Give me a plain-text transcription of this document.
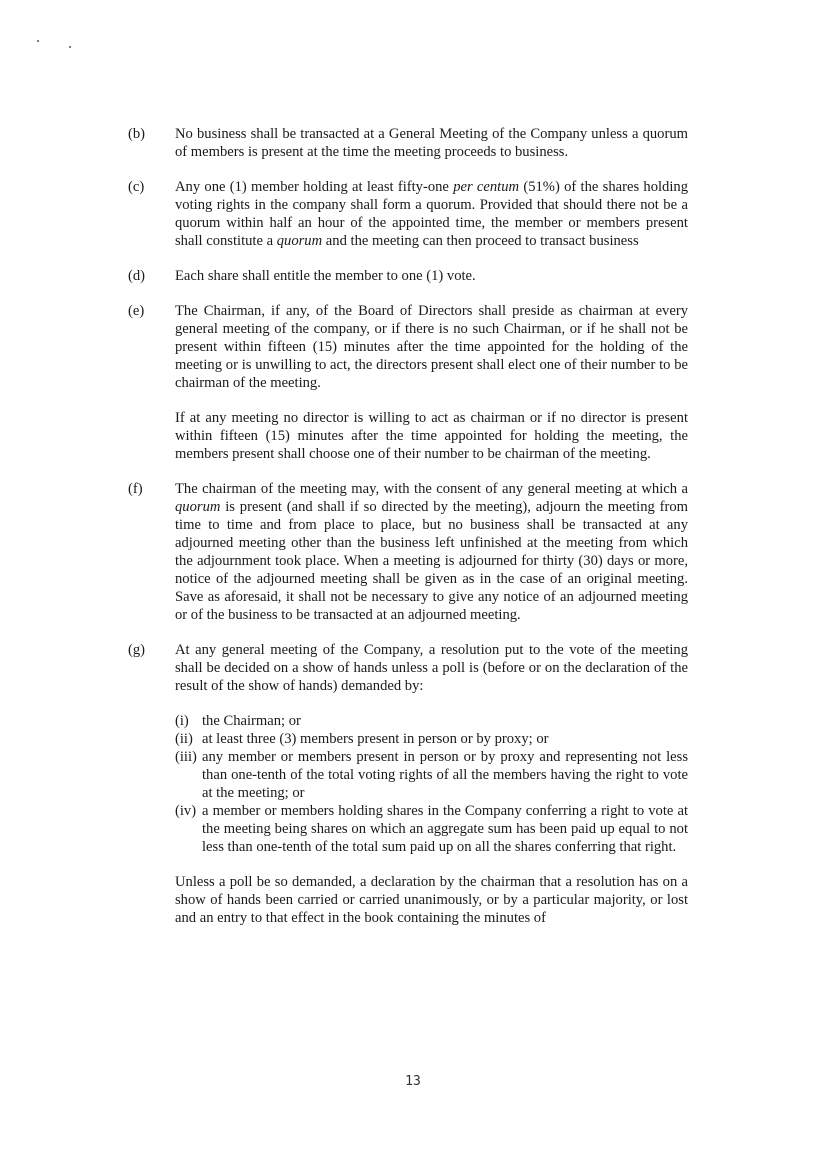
(b)	No business shall be transacted at a General Meeting of the Company unless a quorum of members is present at the time the meeting proceeds to business.

(c)	Any one (1) member holding at least fifty-one per centum (51%) of the shares holding voting rights in the company shall form a quorum. Provided that should there not be a quorum within half an hour of the appointed time, the member or members present shall constitute a quorum and the meeting can then proceed to transact business

(d)	Each share shall entitle the member to one (1) vote.

(e)	The Chairman, if any, of the Board of Directors shall preside as chairman at every general meeting of the company, or if there is no such Chairman, or if he shall not be present within fifteen (15) minutes after the time appointed for the holding of the meeting or is unwilling to act, the directors present shall elect one of their number to be chairman of the meeting.

If at any meeting no director is willing to act as chairman or if no director is present within fifteen (15) minutes after the time appointed for holding the meeting, the members present shall choose one of their number to be chairman of the meeting.

(f)	The chairman of the meeting may, with the consent of any general meeting at which a quorum is present (and shall if so directed by the meeting), adjourn the meeting from time to time and from place to place, but no business shall be transacted at any adjourned meeting other than the business left unfinished at the meeting from which the adjournment took place. When a meeting is adjourned for thirty (30) days or more, notice of the adjourned meeting shall be given as in the case of an original meeting. Save as aforesaid, it shall not be necessary to give any notice of an adjourned meeting or of the business to be transacted at an adjourned meeting.

(g)	At any general meeting of the Company, a resolution put to the vote of the meeting shall be decided on a show of hands unless a poll is (before or on the declaration of the result of the show of hands) demanded by:

(i) the Chairman; or
(ii) at least three (3) members present in person or by proxy; or
(iii) any member or members present in person or by proxy and representing not less than one-tenth of the total voting rights of all the members having the right to vote at the meeting; or
(iv) a member or members holding shares in the Company conferring a right to vote at the meeting being shares on which an aggregate sum has been paid up equal to not less than one-tenth of the total sum paid up on all the shares conferring that right.

Unless a poll be so demanded, a declaration by the chairman that a resolution has on a show of hands been carried or carried unanimously, or by a particular majority, or lost and an entry to that effect in the book containing the minutes of

13
